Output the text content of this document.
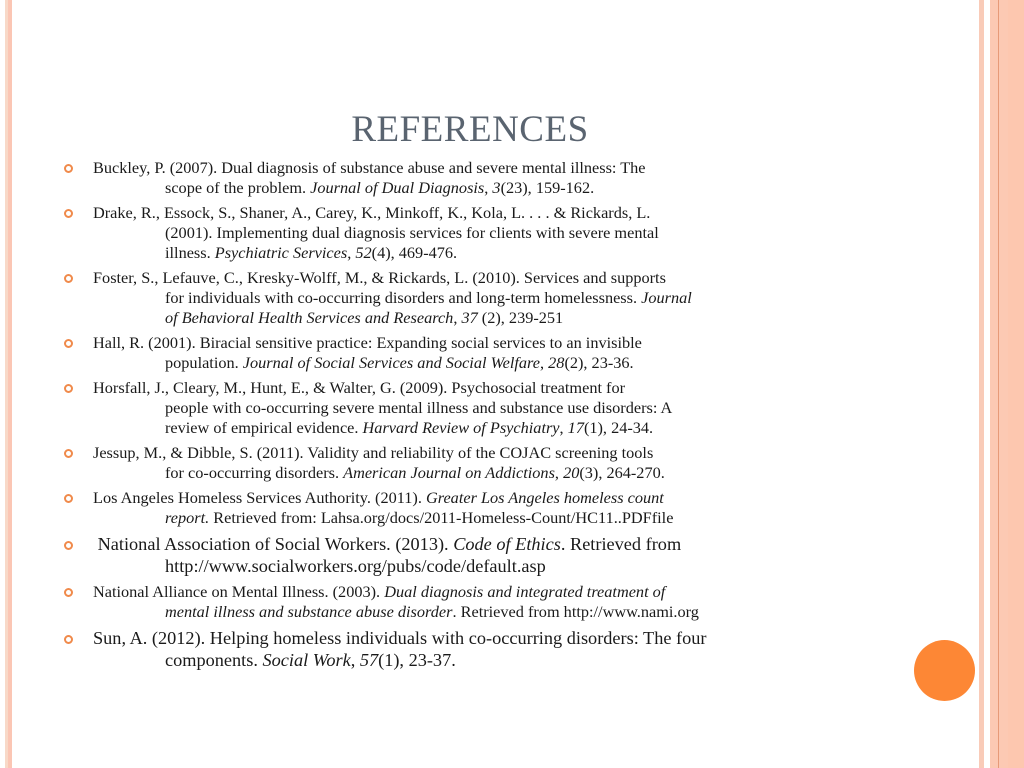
REFERENCES
Buckley, P. (2007). Dual diagnosis of substance abuse and severe mental illness: The
scope of the problem. Journal of Dual Diagnosis, 3(23), 159-162.
Drake, R., Essock, S., Shaner, A., Carey, K., Minkoff, K., Kola, L. . . . & Rickards, L.
(2001). Implementing dual diagnosis services for clients with severe mental
illness. Psychiatric Services, 52(4), 469-476.
Foster, S., Lefauve, C., Kresky-Wolff, M., & Rickards, L. (2010). Services and supports
for individuals with co-occurring disorders and long-term homelessness. Journal
of Behavioral Health Services and Research, 37 (2), 239-251
Hall, R. (2001). Biracial sensitive practice: Expanding social services to an invisible
population. Journal of Social Services and Social Welfare, 28(2), 23-36.
Horsfall, J., Cleary, M., Hunt, E., & Walter, G. (2009). Psychosocial treatment for
people with co-occurring severe mental illness and substance use disorders: A
review of empirical evidence. Harvard Review of Psychiatry, 17(1), 24-34.
Jessup, M., & Dibble, S. (2011). Validity and reliability of the COJAC screening tools
for co-occurring disorders. American Journal on Addictions, 20(3), 264-270.
Los Angeles Homeless Services Authority. (2011). Greater Los Angeles homeless count
report. Retrieved from: Lahsa.org/docs/2011-Homeless-Count/HC11..PDFfile
National Association of Social Workers. (2013). Code of Ethics. Retrieved from
http://www.socialworkers.org/pubs/code/default.asp
National Alliance on Mental Illness. (2003). Dual diagnosis and integrated treatment of
mental illness and substance abuse disorder. Retrieved from http://www.nami.org
Sun, A. (2012). Helping homeless individuals with co-occurring disorders: The four
components. Social Work, 57(1), 23-37.
